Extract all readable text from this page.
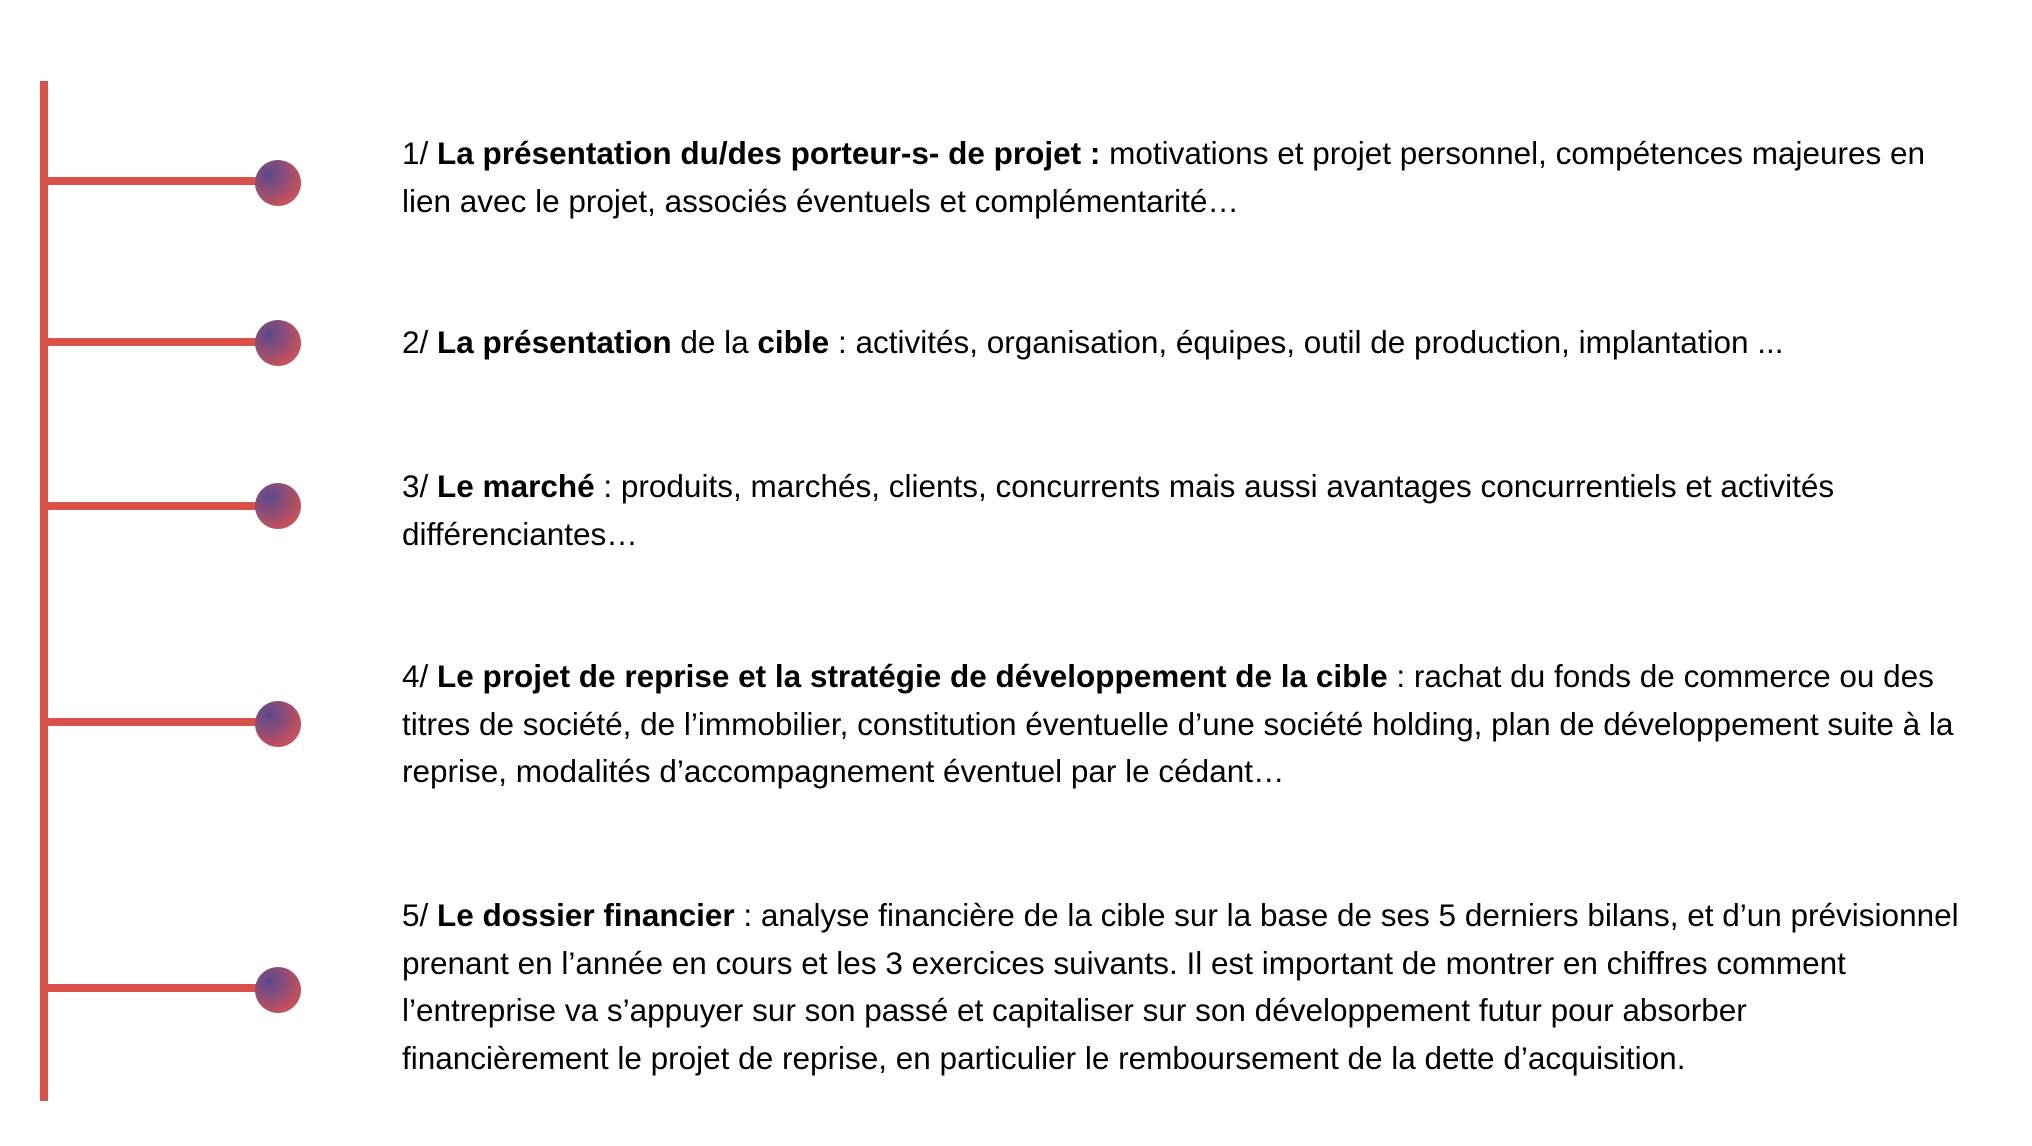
1/ La présentation du/des porteur-s- de projet : motivations et projet personnel, compétences majeures en lien avec le projet, associés éventuels et complémentarité…

2/ La présentation de la cible : activités, organisation, équipes, outil de production, implantation ...

3/ Le marché : produits, marchés, clients, concurrents mais aussi avantages concurrentiels et activités différenciantes…

4/ Le projet de reprise et la stratégie de développement de la cible : rachat du fonds de commerce ou des titres de société, de l’immobilier, constitution éventuelle d’une société holding, plan de développement suite à la reprise, modalités d’accompagnement éventuel par le cédant…

5/ Le dossier financier : analyse financière de la cible sur la base de ses 5 derniers bilans, et d’un prévisionnel prenant en l’année en cours et les 3 exercices suivants. Il est important de montrer en chiffres comment l’entreprise va s’appuyer sur son passé et capitaliser sur son développement futur pour absorber financièrement le projet de reprise, en particulier le remboursement de la dette d’acquisition.
